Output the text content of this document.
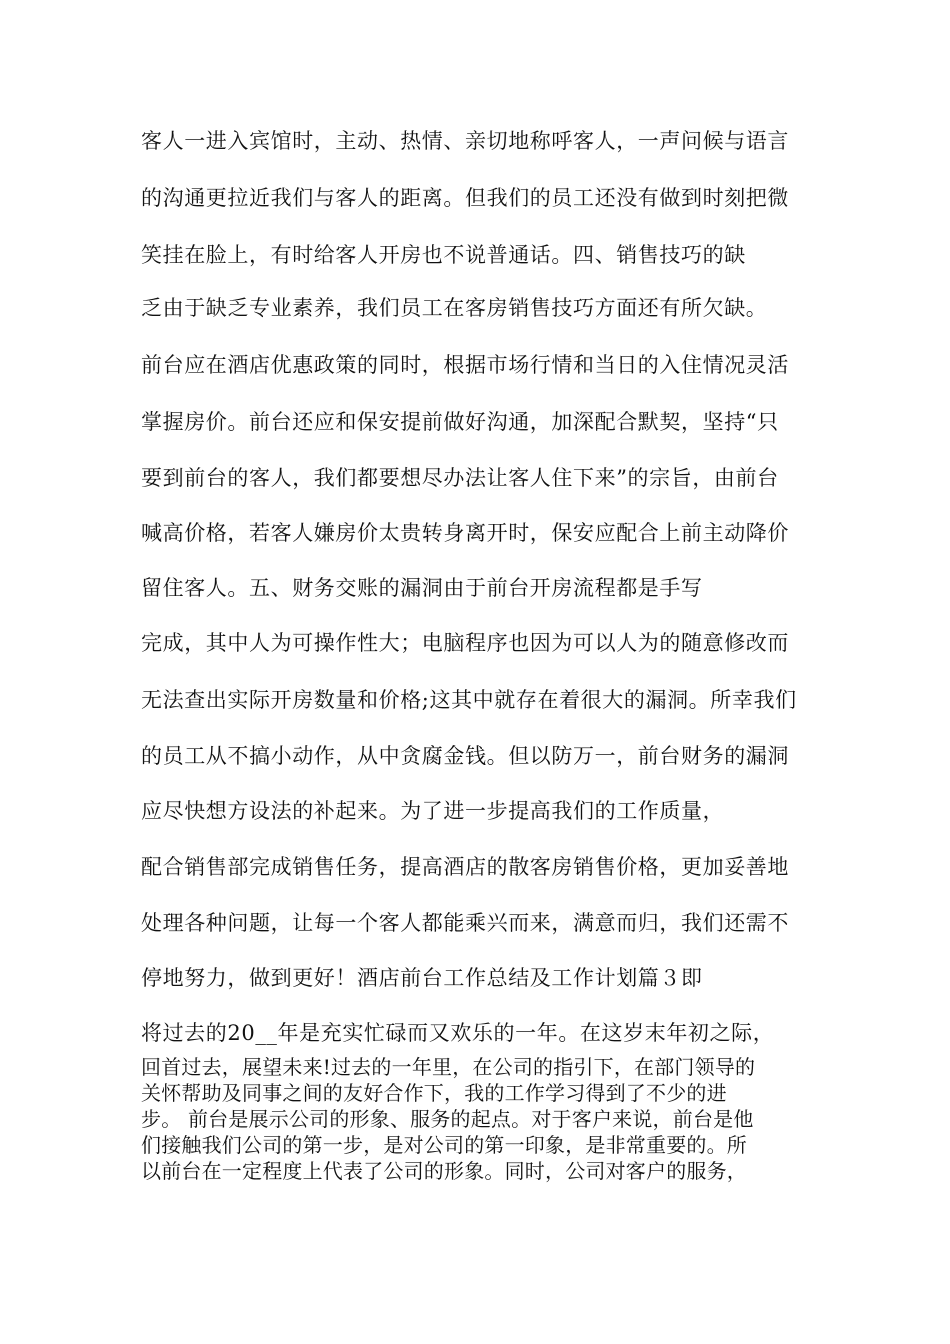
客人一进入宾馆时，主动、热情、亲切地称呼客人，一声问候与语言
的沟通更拉近我们与客人的距离。但我们的员工还没有做到时刻把微
笑挂在脸上，有时给客人开房也不说普通话。四、销售技巧的缺
乏由于缺乏专业素养，我们员工在客房销售技巧方面还有所欠缺。
前台应在酒店优惠政策的同时，根据市场行情和当日的入住情况灵活
掌握房价。前台还应和保安提前做好沟通，加深配合默契，坚持“只
要到前台的客人，我们都要想尽办法让客人住下来”的宗旨，由前台
喊高价格，若客人嫌房价太贵转身离开时，保安应配合上前主动降价
留住客人。五、财务交账的漏洞由于前台开房流程都是手写
完成，其中人为可操作性大；电脑程序也因为可以人为的随意修改而
无法查出实际开房数量和价格;这其中就存在着很大的漏洞。所幸我们
的员工从不搞小动作，从中贪腐金钱。但以防万一，前台财务的漏洞
应尽快想方设法的补起来。为了进一步提高我们的工作质量，
配合销售部完成销售任务，提高酒店的散客房销售价格，更加妥善地
处理各种问题，让每一个客人都能乘兴而来，满意而归，我们还需不
停地努力，做到更好！酒店前台工作总结及工作计划篇３即
将过去的20__年是充实忙碌而又欢乐的一年。在这岁末年初之际，
回首过去，展望未来!过去的一年里，在公司的指引下，在部门领导的
关怀帮助及同事之间的友好合作下，我的工作学习得到了不少的进
步。 前台是展示公司的形象、服务的起点。对于客户来说，前台是他
们接触我们公司的第一步，是对公司的第一印象，是非常重要的。所
以前台在一定程度上代表了公司的形象。同时，公司对客户的服务，
